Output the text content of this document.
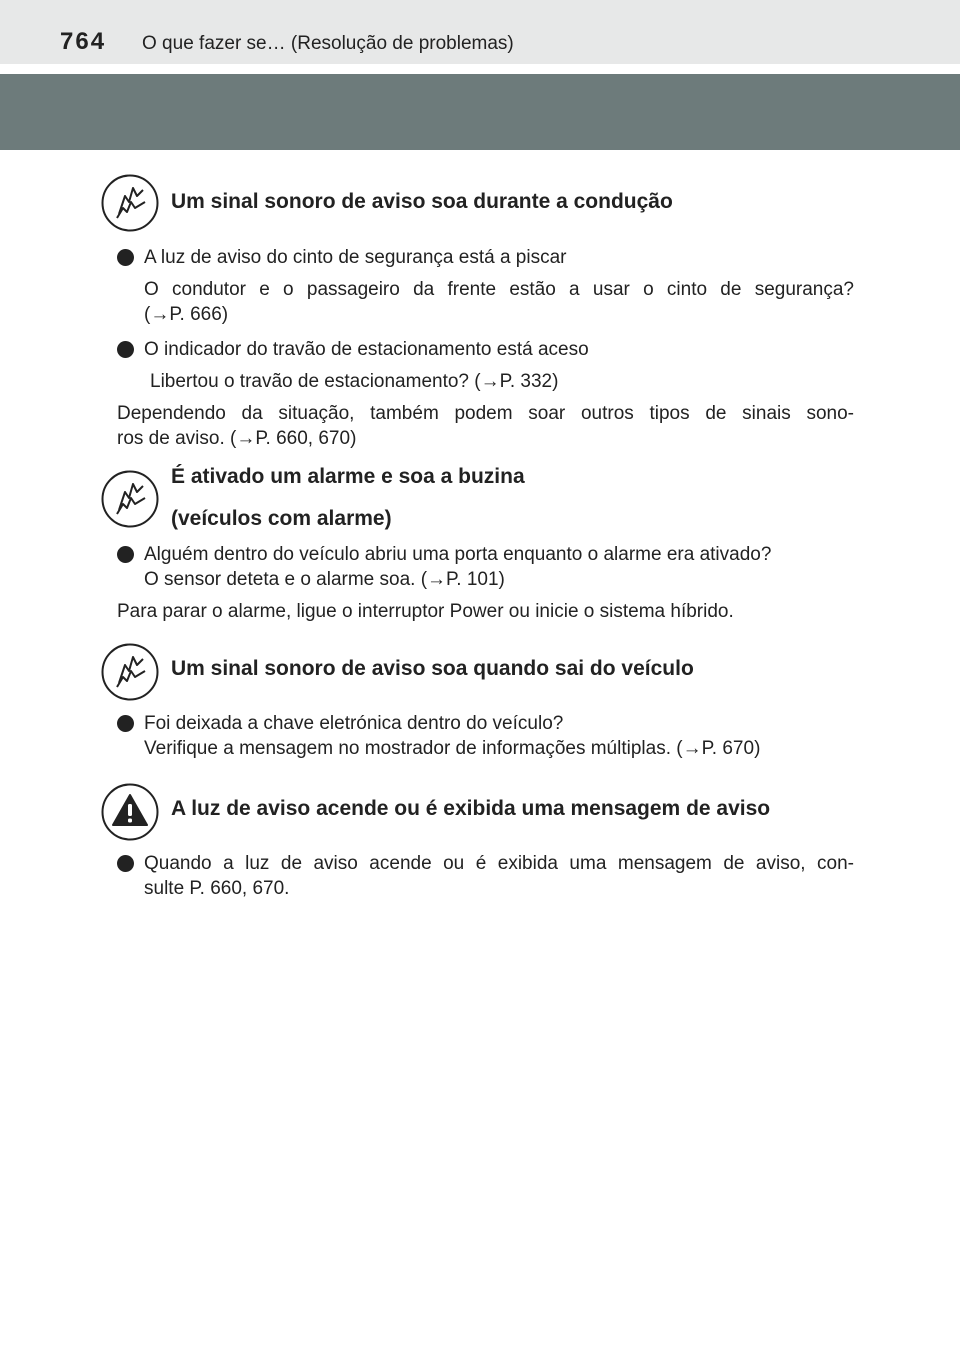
764 O que fazer se… (Resolução de problemas)
Um sinal sonoro de aviso soa durante a condução
A luz de aviso do cinto de segurança está a piscar
O condutor e o passageiro da frente estão a usar o cinto de segurança?
(→P. 666)
O indicador do travão de estacionamento está aceso
Libertou o travão de estacionamento? (→P. 332)
Dependendo da situação, também podem soar outros tipos de sinais sono-
ros de aviso. (→P. 660, 670)
É ativado um alarme e soa a buzina
(veículos com alarme)
Alguém dentro do veículo abriu uma porta enquanto o alarme era ativado?
O sensor deteta e o alarme soa. (→P. 101)
Para parar o alarme, ligue o interruptor Power ou inicie o sistema híbrido.
Um sinal sonoro de aviso soa quando sai do veículo
Foi deixada a chave eletrónica dentro do veículo?
Verifique a mensagem no mostrador de informações múltiplas. (→P. 670)
A luz de aviso acende ou é exibida uma mensagem de aviso
Quando a luz de aviso acende ou é exibida uma mensagem de aviso, con-
sulte P. 660, 670.
